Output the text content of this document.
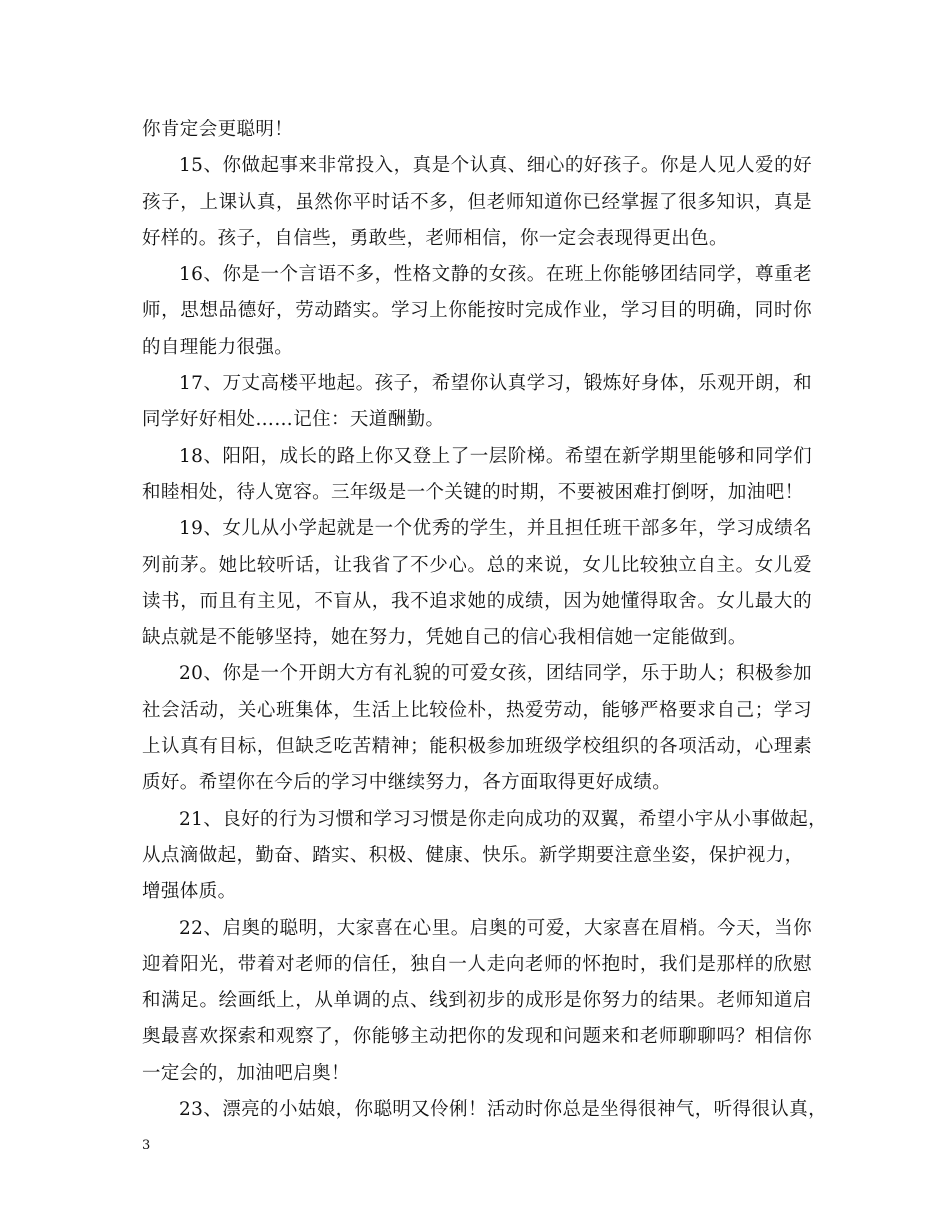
你肯定会更聪明！
15、你做起事来非常投入，真是个认真、细心的好孩子。你是人见人爱的好
孩子，上课认真，虽然你平时话不多，但老师知道你已经掌握了很多知识，真是
好样的。孩子，自信些，勇敢些，老师相信，你一定会表现得更出色。
16、你是一个言语不多，性格文静的女孩。在班上你能够团结同学，尊重老
师，思想品德好，劳动踏实。学习上你能按时完成作业，学习目的明确，同时你
的自理能力很强。
17、万丈高楼平地起。孩子，希望你认真学习，锻炼好身体，乐观开朗，和
同学好好相处……记住：天道酬勤。
18、阳阳，成长的路上你又登上了一层阶梯。希望在新学期里能够和同学们
和睦相处，待人宽容。三年级是一个关键的时期，不要被困难打倒呀，加油吧！
19、女儿从小学起就是一个优秀的学生，并且担任班干部多年，学习成绩名
列前茅。她比较听话，让我省了不少心。总的来说，女儿比较独立自主。女儿爱
读书，而且有主见，不盲从，我不追求她的成绩，因为她懂得取舍。女儿最大的
缺点就是不能够坚持，她在努力，凭她自己的信心我相信她一定能做到。
20、你是一个开朗大方有礼貌的可爱女孩，团结同学，乐于助人；积极参加
社会活动，关心班集体，生活上比较俭朴，热爱劳动，能够严格要求自己；学习
上认真有目标，但缺乏吃苦精神；能积极参加班级学校组织的各项活动，心理素
质好。希望你在今后的学习中继续努力，各方面取得更好成绩。
21、良好的行为习惯和学习习惯是你走向成功的双翼，希望小宇从小事做起，
从点滴做起，勤奋、踏实、积极、健康、快乐。新学期要注意坐姿，保护视力，
增强体质。
22、启奥的聪明，大家喜在心里。启奥的可爱，大家喜在眉梢。今天，当你
迎着阳光，带着对老师的信任，独自一人走向老师的怀抱时，我们是那样的欣慰
和满足。绘画纸上，从单调的点、线到初步的成形是你努力的结果。老师知道启
奥最喜欢探索和观察了，你能够主动把你的发现和问题来和老师聊聊吗？相信你
一定会的，加油吧启奥！
23、漂亮的小姑娘，你聪明又伶俐！活动时你总是坐得很神气，听得很认真，
3
